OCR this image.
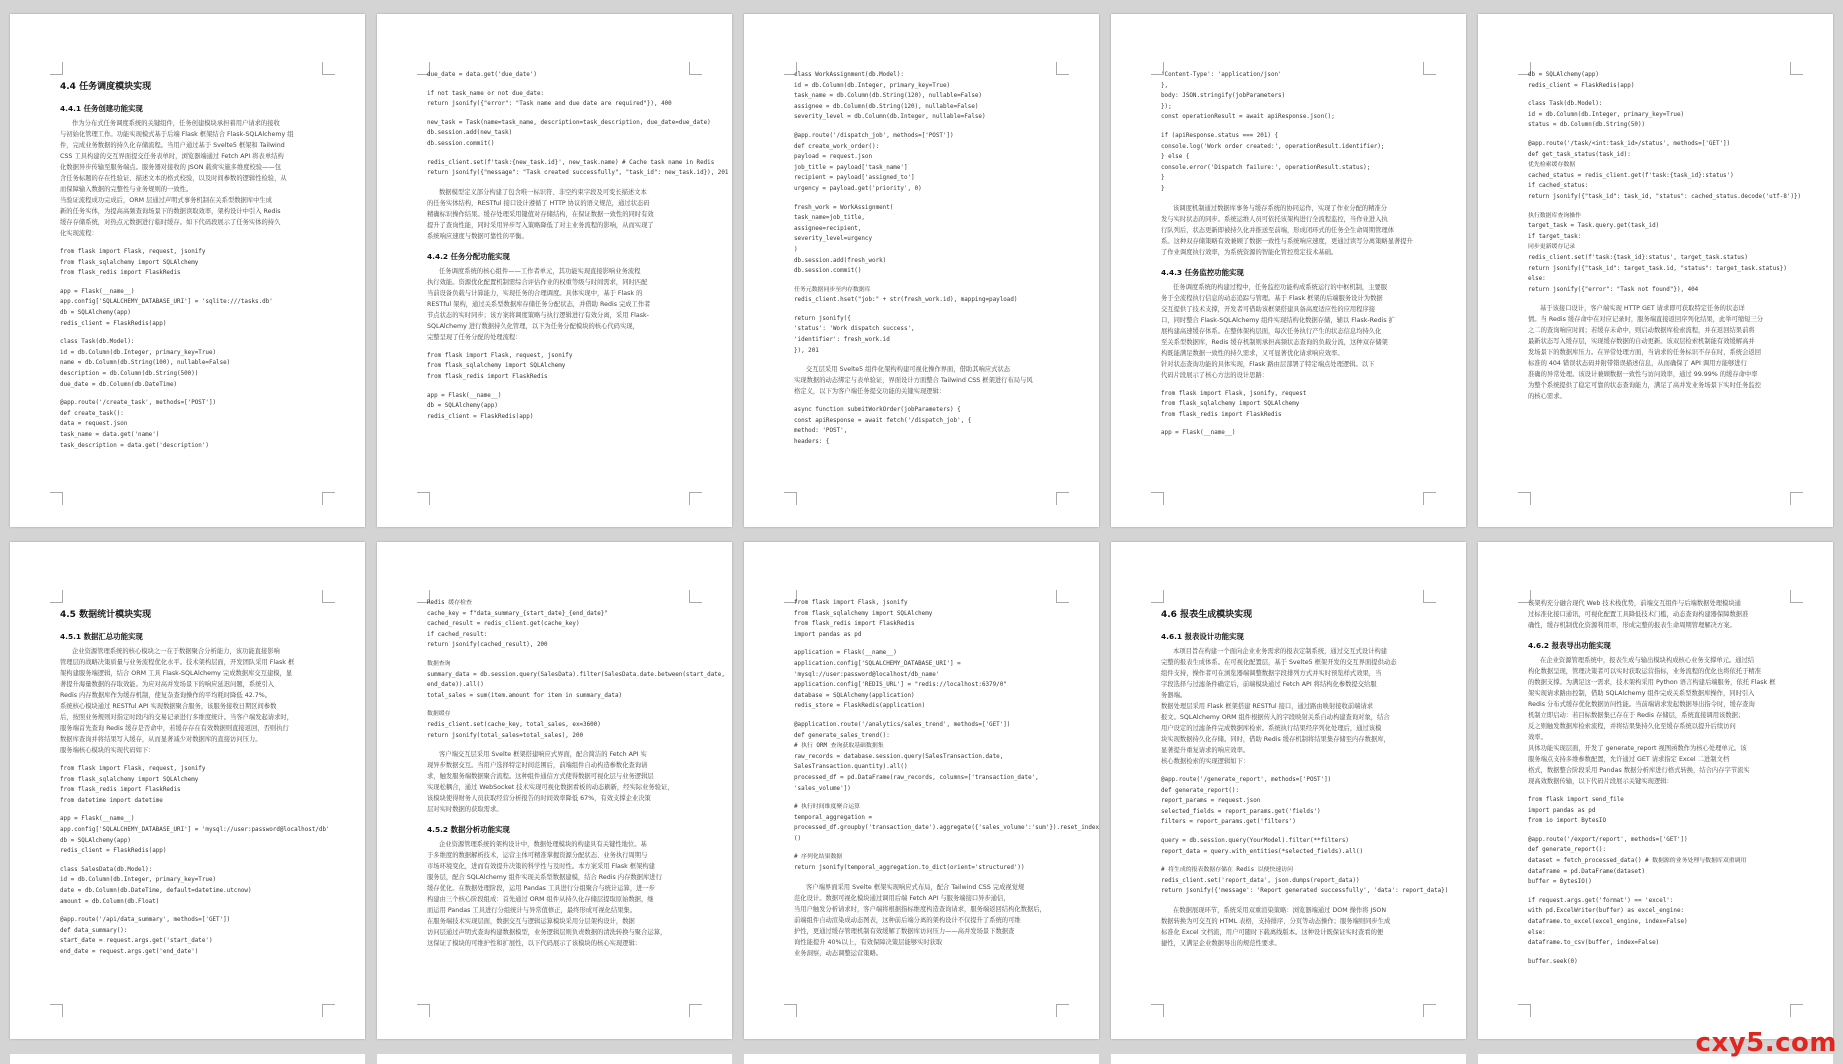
4.4 任务调度模块实现
4.4.1 任务创建功能实现
作为分布式任务调度系统的关键组件，任务创建模块承担着用户请求的接收
与初始化管理工作。功能实现模式基于后端 Flask 框架结合 Flask-SQLAlchemy 组
件，完成业务数据的持久化存储流程。当用户通过基于 Svelte5 框架和 Tailwind
CSS 工具构建的交互界面提交任务表单时，浏览器端通过 Fetch API 将表单结构
化数据异步传输至服务端点。服务器对接收的 JSON 载荷实施多维度校验——包
含任务标题的存在性验证、描述文本的格式校验，以及时间参数的逻辑性检验，从
而保障输入数据的完整性与业务规则的一致性。
当验证流程成功完成后，ORM 层通过声明式事务机制在关系型数据库中生成
新的任务实体，为提高高频查询场景下的数据读取效率，架构设计中引入 Redis
缓存存储系统，对热点元数据进行临时缓存。如下代码段展示了任务实体的持久
化实现流程：
from flask import Flask, request, jsonify
from flask_sqlalchemy import SQLAlchemy
from flask_redis import FlaskRedis
app = Flask(__name__)
app.config['SQLALCHEMY_DATABASE_URI'] = 'sqlite:///tasks.db'
db = SQLAlchemy(app)
redis_client = FlaskRedis(app)
class Task(db.Model):
id = db.Column(db.Integer, primary_key=True)
name = db.Column(db.String(100), nullable=False)
description = db.Column(db.String(500))
due_date = db.Column(db.DateTime)
@app.route('/create_task', methods=['POST'])
def create_task():
data = request.json
task_name = data.get('name')
task_description = data.get('description')
due_date = data.get('due_date')
if not task_name or not due_date:
return jsonify({"error": "Task name and due date are required"}), 400
new_task = Task(name=task_name, description=task_description, due_date=due_date)
db.session.add(new_task)
db.session.commit()
redis_client.set(f'task:{new_task.id}', new_task.name) # Cache task name in Redis
return jsonify({"message": "Task created successfully", "task_id": new_task.id}), 201
数据模型定义部分构建了包含唯一标识符、非空约束字段及可变长描述文本
的任务实体结构，RESTful 接口设计遵循了 HTTP 协议的语义规范，通过状态码
精确标识操作结果。缓存处理采用键值对存储结构，在保证数据一致性的同时有效
提升了查询性能，同时采用异步写入策略降低了对主业务流程的影响，从而实现了
系统响应速度与数据可靠性的平衡。
4.4.2 任务分配功能实现
任务调度系统的核心组件——工作者单元，其功能实现直接影响业务流程
执行效能。资源优化配置机制需综合评估作业的权重等级与时间需求，同时匹配
当前设备负载与计算能力，实现任务的合理调度。具体实现中，基于 Flask 的
RESTful 架构，通过关系型数据库存储任务分配状态，并借助 Redis 完成工作者
节点状态的实时同步；该方案将调度策略与执行逻辑进行有效分离，采用 Flask-
SQLAlchemy 进行数据持久化管理，以下为任务分配模块的核心代码实现，
完整呈现了任务分配的处理流程：
from flask import Flask, request, jsonify
from flask_sqlalchemy import SQLAlchemy
from flask_redis import FlaskRedis
app = Flask(__name__)
db = SQLAlchemy(app)
redis_client = FlaskRedis(app)
class WorkAssignment(db.Model):
id = db.Column(db.Integer, primary_key=True)
task_name = db.Column(db.String(120), nullable=False)
assignee = db.Column(db.String(120), nullable=False)
severity_level = db.Column(db.Integer, nullable=False)
@app.route('/dispatch_job', methods=['POST'])
def create_work_order():
payload = request.json
job_title = payload['task_name']
recipient = payload['assigned_to']
urgency = payload.get('priority', 0)
fresh_work = WorkAssignment(
task_name=job_title,
assignee=recipient,
severity_level=urgency
)
db.session.add(fresh_work)
db.session.commit()
任务元数据同步至内存数据库
redis_client.hset("job:" + str(fresh_work.id), mapping=payload)
return jsonify({
'status': 'Work dispatch success',
'identifier': fresh_work.id
}), 201
交互层采用 Svelte5 组件化架构构建可视化操作界面，借助其响应式状态
实现数据的动态绑定与表单验证，界面设计方面整合 Tailwind CSS 框架进行布局与风
格定义，以下为客户端任务提交功能的关键实现逻辑：
async function submitWorkOrder(jobParameters) {
const apiResponse = await fetch('/dispatch_job', {
method: 'POST',
headers: {
'Content-Type': 'application/json'
},
body: JSON.stringify(jobParameters)
});
const operationResult = await apiResponse.json();
if (apiResponse.status === 201) {
console.log('Work order created:', operationResult.identifier);
} else {
console.error('Dispatch failure:', operationResult.status);
}
}
该调度机制通过数据库事务与缓存系统的协同运作，实现了作业分配的精准分
发与实时状态的同步。系统运维人员可依托该架构进行全流程监控，当作业进入执
行队列后，状态更新即被持久化并推送至前端，形成闭环式的任务全生命周期管理体
系。这种双存储策略有效兼顾了数据一致性与系统响应速度，更通过读写分离策略显著提升
了作业调度执行效率，为系统资源的智能化管控奠定技术基础。
4.4.3 任务监控功能实现
任务调度系统的构建过程中，任务监控功能构成系统运行的中枢机制，主要服
务于全流程执行信息的动态追踪与管理。基于 Flask 框架的后端服务设计为数据
交互提供了技术支撑，开发者可借助该框架搭建具备高度适应性的应用程序接
口，同时整合 Flask-SQLAlchemy 组件实现结构化数据存储，辅以 Flask-Redis 扩
展构建高速缓存体系。在整体架构层面，每次任务执行产生的状态信息均持久化
至关系型数据库，Redis 缓存机制则承担高频状态查询的负载分流，这种双存储架
构既能满足数据一致性的持久需求，又可显著优化请求响应效率。
针对状态查询功能的具体实现，Flask 路由层部署了特定端点处理逻辑。以下
代码片段展示了核心方法的设计思路：
from flask import Flask, jsonify, request
from flask_sqlalchemy import SQLAlchemy
from flask_redis import FlaskRedis
app = Flask(__name__)
db = SQLAlchemy(app)
redis_client = FlaskRedis(app)
class Task(db.Model):
id = db.Column(db.Integer, primary_key=True)
status = db.Column(db.String(50))
@app.route('/task/<int:task_id>/status', methods=['GET'])
def get_task_status(task_id):
优先检索缓存数据
cached_status = redis_client.get(f'task:{task_id}:status')
if cached_status:
return jsonify({"task_id": task_id, "status": cached_status.decode('utf-8')})
执行数据库查询操作
target_task = Task.query.get(task_id)
if target_task:
同步更新缓存记录
redis_client.set(f'task:{task_id}:status', target_task.status)
return jsonify({"task_id": target_task.id, "status": target_task.status})
else:
return jsonify({"error": "Task not found"}), 404
基于该接口设计，客户端实现 HTTP GET 请求即可获取特定任务的状态详
情。当 Redis 缓存命中在对应记录时，服务端直接返回序列化结果，此举可缩短三分
之二的查询响应时间；若缓存未命中，则启动数据库检索流程，并在返回结果前将
最新状态写入缓存层，实现缓存数据的自动更新。该双层检索机制能有效缓解高并
发场景下的数据库压力。在异常处理方面，当请求的任务标识不存在时，系统会返回
标准的 404 错误状态码并附带错误描述信息，从而确保了 API 调用方能够进行
准确的异常处理。该设计兼顾数据一致性与访问效率，通过 99.99% 的缓存命中率
为整个系统提供了稳定可靠的状态查询能力，满足了高并发业务场景下实时任务监控
的核心需求。
4.5 数据统计模块实现
4.5.1 数据汇总功能实现
企业资源管理系统的核心模块之一在于数据聚合分析能力，该功能直接影响
管理层的战略决策质量与业务流程优化水平。技术架构层面，开发团队采用 Flask 框
架构建服务端逻辑，结合 ORM 工具 Flask-SQLAlchemy 完成数据库交互建模，显
著提升海量数据的存取效能。为应对高并发场景下的响应延迟问题，系统引入
Redis 内存数据库作为缓存机制，使复杂查询操作的平均耗时降低 42.7%。
系统核心模块通过 RESTful API 实现数据聚合服务，该服务接收日期区间参数
后，按照业务规则对指定时段内的交易记录进行多维度统计。当客户端发起请求时，
服务端首先查询 Redis 缓存是否命中，若缓存存在有效数据则直接返回，否则执行
数据库查询并将结果写入缓存，从而显著减少对数据库的直接访问压力。
服务端核心模块的实现代码如下：
from flask import Flask, request, jsonify
from flask_sqlalchemy import SQLAlchemy
from flask_redis import FlaskRedis
from datetime import datetime
app = Flask(__name__)
app.config['SQLALCHEMY_DATABASE_URI'] = 'mysql://user:password@localhost/db'
db = SQLAlchemy(app)
redis_client = FlaskRedis(app)
class SalesData(db.Model):
id = db.Column(db.Integer, primary_key=True)
date = db.Column(db.DateTime, default=datetime.utcnow)
amount = db.Column(db.Float)
@app.route('/api/data_summary', methods=['GET'])
def data_summary():
start_date = request.args.get('start_date')
end_date = request.args.get('end_date')
Redis 缓存检查
cache_key = f"data_summary_{start_date}_{end_date}"
cached_result = redis_client.get(cache_key)
if cached_result:
return jsonify(cached_result), 200
数据查询
summary_data = db.session.query(SalesData).filter(SalesData.date.between(start_date,
end_date)).all()
total_sales = sum(item.amount for item in summary_data)
数据缓存
redis_client.set(cache_key, total_sales, ex=3600)
return jsonify(total_sales=total_sales), 200
客户端交互层采用 Svelte 框架搭建响应式界面，配合简洁的 Fetch API 实
现异步数据交互。当用户选择特定时间范围后，前端组件自动构造参数化查询请
求，触发服务端数据聚合流程。这种组件通信方式使得数据可视化层与业务逻辑层
实现松耦合，通过 WebSocket 技术实现可视化数据看板的动态刷新，经实际业务验证，
该模块使得财务人员获取经营分析报告的时间效率降低 67%，有效支撑企业决策
层对实时数据的获取需求。
4.5.2 数据分析功能实现
企业资源管理系统的架构设计中，数据处理模块的构建具有关键性地位。基
于多维度的数据解析技术，运营主体可精准掌握资源分配状态、业务执行周期与
市场环境变化，进而有效提升决策的科学性与及时性。本方案采用 Flask 框架构建
服务层，配合 SQLAlchemy 组件实现关系型数据建模，结合 Redis 内存数据库进行
缓存优化。在数据处理阶段，运用 Pandas 工具进行分组聚合与统计运算，进一步
构建由三个核心阶段组成：首先通过 ORM 组件从持久化存储层提取原始数据，继
而运用 Pandas 工具进行分组统计与异常值修正，最终形成可视化结果集。
在服务端技术实现层面，数据交互与逻辑运算模块采用分层架构设计，数据
访问层通过声明式查询构建数据模型，业务逻辑层则负责数据的清洗转换与聚合运算，
这保证了模块的可维护性和扩展性，以下代码展示了该模块的核心实现逻辑：
from flask import Flask, jsonify
from flask_sqlalchemy import SQLAlchemy
from flask_redis import FlaskRedis
import pandas as pd
application = Flask(__name__)
application.config['SQLALCHEMY_DATABASE_URI'] =
'mysql://user:password@localhost/db_name'
application.config['REDIS_URL'] = "redis://localhost:6379/0"
database = SQLAlchemy(application)
redis_store = FlaskRedis(application)
@application.route('/analytics/sales_trend', methods=['GET'])
def generate_sales_trend():
# 执行 ORM 查询获取基础数据集
raw_records = database.session.query(SalesTransaction.date,
SalesTransaction.quantity).all()
processed_df = pd.DataFrame(raw_records, columns=['transaction_date',
'sales_volume'])
# 执行时间维度聚合运算
temporal_aggregation =
processed_df.groupby('transaction_date').aggregate({'sales_volume':'sum'}).reset_index
()
# 序列化结果数据
return jsonify(temporal_aggregation.to_dict(orient='structured'))
客户端界面采用 Svelte 框架实现响应式布局，配合 Tailwind CSS 完成视觉规
范化设计。数据可视化模块通过调用后端 Fetch API 与服务端接口异步通信，
当用户触发分析请求时，客户端将根据指标维度构造查询请求，服务端返回结构化数据后，
前端组件自动渲染成动态图表，这种前后端分离的架构设计不仅提升了系统的可维
护性，更通过缓存管理机制有效缓解了数据库访问压力——高并发场景下数据查
询性能提升 40%以上，有效保障决策层能够实时获取
业务洞察，动态调整运营策略。
4.6 报表生成模块实现
4.6.1 报表设计功能实现
本项目旨在构建一个面向企业业务需求的报表定制系统，通过交互式设计构建
完整的报表生成体系。在可视化配置层，基于 Svelte5 框架开发的交互界面提供动态
组件支持，操作者可在浏览器端调整数据字段排列方式并实时预览样式效果，当
字段选择与过滤条件确定后，前端模块通过 Fetch API 将结构化参数提交给服
务器端。
数据处理层采用 Flask 框架搭建 RESTful 接口，通过路由映射接收前端请求
报文。SQLAlchemy ORM 组件根据传入的字段映射关系自动构建查询对象，结合
用户设定的过滤条件完成数据库检索。系统执行结果经序列化处理后，通过该模
块实现数据持久化存储。同时，借助 Redis 缓存机制将结果集存储至内存数据库，
显著提升重复请求的响应效率。
核心数据检索的实现逻辑如下：
@app.route('/generate_report', methods=['POST'])
def generate_report():
report_params = request.json
selected_fields = report_params.get('fields')
filters = report_params.get('filters')
query = db.session.query(YourModel).filter(**filters)
report_data = query.with_entities(*selected_fields).all()
# 将生成的报表数据存储在 Redis 以便快速访问
redis_client.set('report_data', json.dumps(report_data))
return jsonify({'message': 'Report generated successfully', 'data': report_data})
在数据展现环节，系统采用双重渲染策略：浏览器端通过 DOM 操作将 JSON
数据转换为可交互的 HTML 表格，支持排序、分页等动态操作；服务端则同步生成
标准化 Excel 文档流，用户可随时下载离线版本。这种设计既保证实时查看的便
捷性，又满足企业数据导出的规范性要求。
该架构充分融合现代 Web 技术栈优势，前端交互组件与后端数据处理模块通
过标准化接口通讯，可视化配置工具降低技术门槛，动态查询构建器保障数据准
确性，缓存机制优化资源利用率，形成完整的报表生命周期管理解决方案。
4.6.2 报表导出功能实现
在企业资源管理系统中，报表生成与输出模块构成核心业务支撑单元。通过结
构化数据呈现，管理决策者可以实时获取运营指标，业务流程的优化也将依托于精准
的数据支撑。为满足这一需求，技术架构采用 Python 语言构建后端服务，依托 Flask 框
架实现请求路由控制，借助 SQLAlchemy 组件完成关系型数据库操作，同时引入
Redis 分布式缓存优化数据访问性能。当前端请求发起数据导出指令时，缓存查询
机制立即启动：若目标数据集已存在于 Redis 存储层，系统直接调用该数据；
反之则触发数据库检索流程，并将结果集持久化至缓存系统以提升后续访问
效率。
具体功能实现层面，开发了 generate_report 视图函数作为核心处理单元。该
服务端点支持多维参数配置，允许通过 GET 请求指定 Excel 二进制文档
格式，数据整合阶段采用 Pandas 数据分析库进行格式转换，结合内存字节流实
现高效数据传输，以下代码片段展示关键实现逻辑：
from flask import send_file
import pandas as pd
from io import BytesIO
@app.route('/export/report', methods=['GET'])
def generate_report():
dataset = fetch_processed_data() # 数据源的业务处理与数据库双重调用
dataframe = pd.DataFrame(dataset)
buffer = BytesIO()
if request.args.get('format') == 'excel':
with pd.ExcelWriter(buffer) as excel_engine:
dataframe.to_excel(excel_engine, index=False)
else:
dataframe.to_csv(buffer, index=False)
buffer.seek(0)
cxy5.com
